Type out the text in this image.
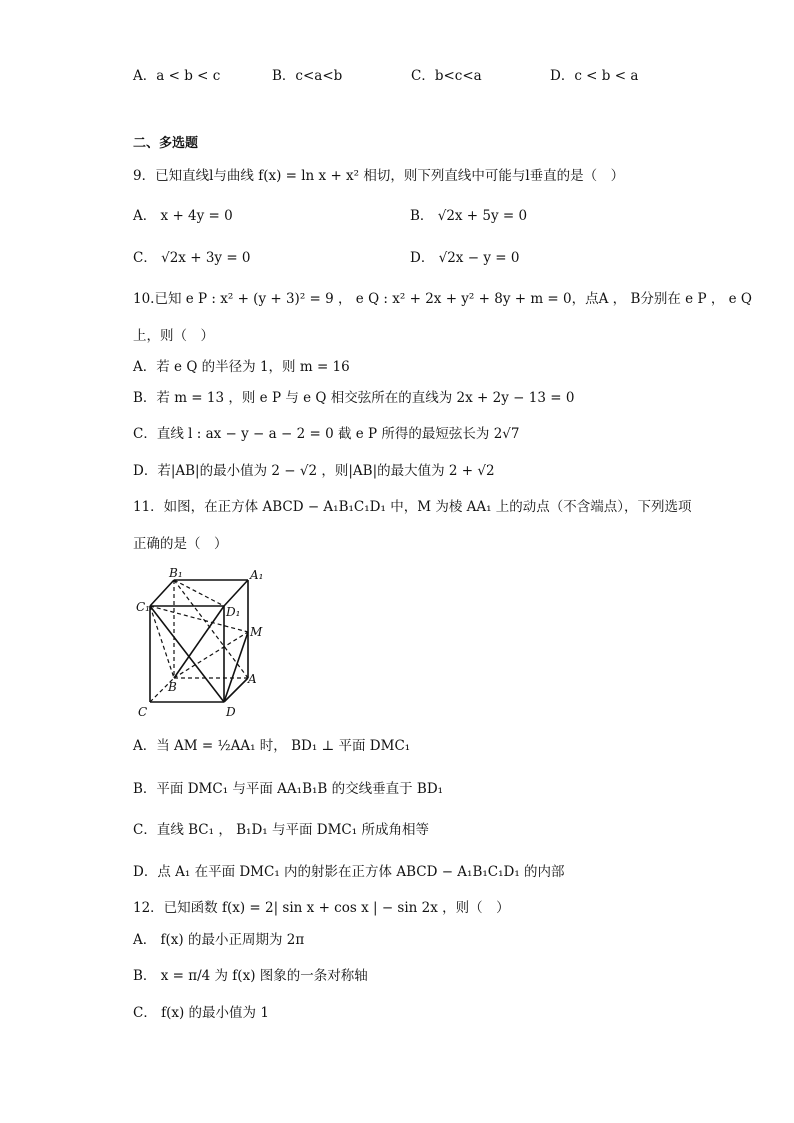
A．a < b < c	B．c<a<b	C．b<c<a	D．c < b < a
二、多选题
9．已知直线l与曲线 f(x) = ln x + x² 相切，则下列直线中可能与l垂直的是（　）
A． x + 4y = 0	B． √2x + 5y = 0
C． √2x + 3y = 0	D． √2x − y = 0
10.已知 e P : x² + (y + 3)² = 9 ， e Q : x² + 2x + y² + 8y + m = 0，点A ， B分别在 e P ， e Q
上，则（　）
A．若 e Q 的半径为 1，则 m = 16
B．若 m = 13 ，则 e P 与 e Q 相交弦所在的直线为 2x + 2y − 13 = 0
C．直线 l : ax − y − a − 2 = 0 截 e P 所得的最短弦长为 2√7
D．若|AB|的最小值为 2 − √2 ，则|AB|的最大值为 2 + √2
11．如图，在正方体 ABCD − A₁B₁C₁D₁ 中，M 为棱 AA₁ 上的动点（不含端点），下列选项
正确的是（　）
B₁	A₁
C₁	D₁
M
B
A
C	D
A．当 AM = ½AA₁ 时， BD₁ ⊥ 平面 DMC₁
B．平面 DMC₁ 与平面 AA₁B₁B 的交线垂直于 BD₁
C．直线 BC₁ ， B₁D₁ 与平面 DMC₁ 所成角相等
D．点 A₁ 在平面 DMC₁ 内的射影在正方体 ABCD − A₁B₁C₁D₁ 的内部
12．已知函数 f(x) = 2| sin x + cos x | − sin 2x ，则（　）
A． f(x) 的最小正周期为 2π
B． x = π/4 为 f(x) 图象的一条对称轴
C． f(x) 的最小值为 1
